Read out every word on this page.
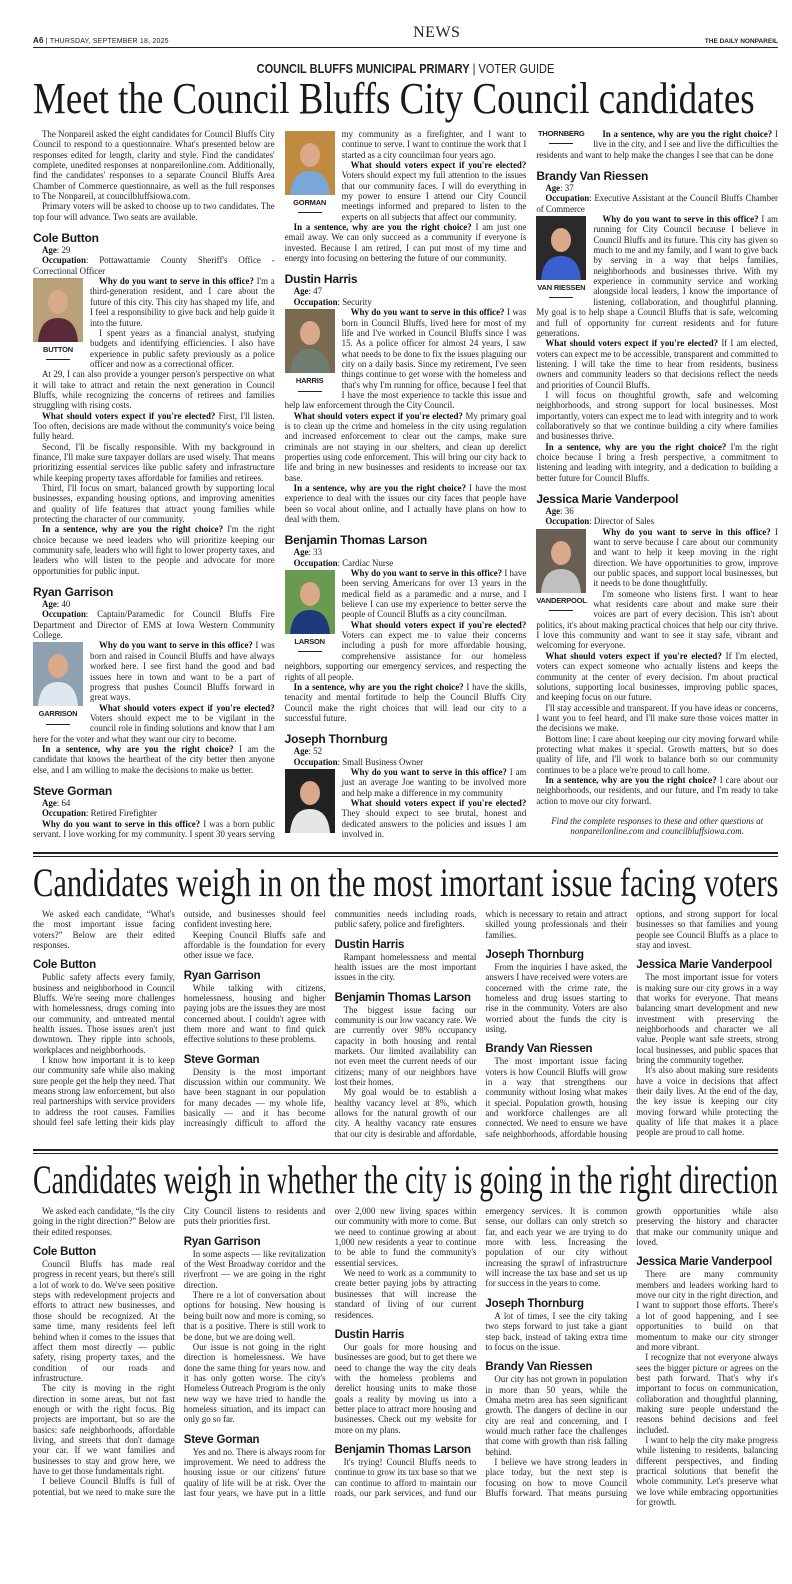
A6 | THURSDAY, SEPTEMBER 18, 2025
NEWS
THE DAILY NONPAREIL
COUNCIL BLUFFS MUNICIPAL PRIMARY | VOTER GUIDE
Meet the Council Bluffs City Council candidates

The Nonpareil asked the eight candidates for Council Bluffs City Council to respond to a questionnaire. What's presented below are responses edited for length, clarity and style. Find the candidates' complete, unedited responses at nonpareilonline.com. Additionally, find the candidates' responses to a separate Council Bluffs Area Chamber of Commerce questionnaire, as well as the full responses to The Nonpareil, at councilbluffsiowa.com.

Primary voters will be asked to choose up to two candidates. The top four will advance. Two seats are available.

Cole Button
Age: 29
Occupation: Pottawattamie County Sheriff's Office - Correctional Officer
BUTTON

Why do you want to serve in this office? I'm a third-generation resident, and I care about the future of this city. This city has shaped my life, and I feel a responsibility to give back and help guide it into the future.

I spent years as a financial analyst, studying budgets and identifying efficiencies. I also have experience in public safety previously as a police officer and now as a correctional officer.

At 29, I can also provide a younger person's perspective on what it will take to attract and retain the next generation in Council Bluffs, while recognizing the concerns of retirees and families struggling with rising costs.

What should voters expect if you're elected? First, I'll listen. Too often, decisions are made without the community's voice being fully heard.

Second, I'll be fiscally responsible. With my background in finance, I'll make sure taxpayer dollars are used wisely. That means prioritizing essential services like public safety and infrastructure while keeping property taxes affordable for families and retirees.

Third, I'll focus on smart, balanced growth by supporting local businesses, expanding housing options, and improving amenities and quality of life features that attract young families while protecting the character of our community.

In a sentence, why are you the right choice? I'm the right choice because we need leaders who will prioritize keeping our community safe, leaders who will fight to lower property taxes, and leaders who will listen to the people and advocate for more opportunities for public input.

Ryan Garrison
Age: 40
Occupation: Captain/Paramedic for Council Bluffs Fire Department and Director of EMS at Iowa Western Community College.
GARRISON

Why do you want to serve in this office? I was born and raised in Council Bluffs and have always worked here. I see first hand the good and bad issues here in town and want to be a part of progress that pushes Council Bluffs forward in great ways.

What should voters expect if you're elected? Voters should expect me to be vigilant in the council role in finding solutions and know that I am here for the voter and what they want our city to become.

In a sentence, why are you the right choice? I am the candidate that knows the heartbeat of the city better then anyone else, and I am willing to make the decisions to make us better.

Steve Gorman
Age: 64
Occupation: Retired Firefighter
GORMAN

Why do you want to serve in this office? I was a born public servant. I love working for my community. I spent 30 years serving my community as a firefighter, and I want to continue to serve. I want to continue the work that I started as a city councilman four years ago.

What should voters expect if you're elected? Voters should expect my full attention to the issues that our community faces. I will do everything in my power to ensure I attend our City Council meetings informed and prepared to listen to the experts on all subjects that affect our community.

In a sentence, why are you the right choice? I am just one email away. We can only succeed as a community if everyone is invested. Because I am retired, I can put most of my time and energy into focusing on bettering the future of our community.

Dustin Harris
Age: 47
Occupation: Security
HARRIS

Why do you want to serve in this office? I was born in Council Bluffs, lived here for most of my life and I've worked in Council Bluffs since I was 15. As a police officer for almost 24 years, I saw what needs to be done to fix the issues plaguing our city on a daily basis. Since my retirement, I've seen things continue to get worse with the homeless and that's why I'm running for office, because I feel that I have the most experience to tackle this issue and help law enforcement through the City Council.

What should voters expect if you're elected? My primary goal is to clean up the crime and homeless in the city using regulation and increased enforcement to clear out the camps, make sure criminals are not staying in our shelters, and clean up derelict properties using code enforcement. This will bring our city back to life and bring in new businesses and residents to increase our tax base.

In a sentence, why are you the right choice? I have the most experience to deal with the issues our city faces that people have been so vocal about online, and I actually have plans on how to deal with them.

Benjamin Thomas Larson
Age: 33
Occupation: Cardiac Nurse
LARSON

Why do you want to serve in this office? I have been serving Americans for over 13 years in the medical field as a paramedic and a nurse, and I believe I can use my experience to better serve the people of Council Bluffs as a city councilman.

What should voters expect if you're elected? Voters can expect me to value their concerns including a push for more affordable housing, comprehensive assistance for our homeless neighbors, supporting our emergency services, and respecting the rights of all people.

In a sentence, why are you the right choice? I have the skills, tenacity and mental fortitude to help the Council Bluffs City Council make the right choices that will lead our city to a successful future.

Joseph Thornburg
Age: 52
Occupation: Small Business Owner
THORNBERG

Why do you want to serve in this office? I am just an average Joe wanting to be involved more and help make a difference in my community

What should voters expect if you're elected? They should expect to see brutal, honest and dedicated answers to the policies and issues I am involved in.

In a sentence, why are you the right choice? I live in the city, and I see and live the difficulties the residents and want to help make the changes I see that can be done

Brandy Van Riessen
Age: 37
Occupation: Executive Assistant at the Council Bluffs Chamber of Commerce
VAN RIESSEN

Why do you want to serve in this office? I am running for City Council because I believe in Council Bluffs and its future. This city has given so much to me and my family, and I want to give back by serving in a way that helps families, neighborhoods and businesses thrive. With my experience in community service and working alongside local leaders, I know the importance of listening, collaboration, and thoughtful planning. My goal is to help shape a Council Bluffs that is safe, welcoming and full of opportunity for current residents and for future generations.

What should voters expect if you're elected? If I am elected, voters can expect me to be accessible, transparent and committed to listening. I will take the time to hear from residents, business owners and community leaders so that decisions reflect the needs and priorities of Council Bluffs.

I will focus on thoughtful growth, safe and welcoming neighborhoods, and strong support for local businesses. Most importantly, voters can expect me to lead with integrity and to work collaboratively so that we continue building a city where families and businesses thrive.

In a sentence, why are you the right choice? I'm the right choice because I bring a fresh perspective, a commitment to listening and leading with integrity, and a dedication to building a better future for Council Bluffs.

Jessica Marie Vanderpool
Age: 36
Occupation: Director of Sales
VANDERPOOL

Why do you want to serve in this office? I want to serve because I care about our community and want to help it keep moving in the right direction. We have opportunities to grow, improve our public spaces, and support local businesses, but it needs to be done thoughtfully.

I'm someone who listens first. I want to hear what residents care about and make sure their voices are part of every decision. This isn't about politics, it's about making practical choices that help our city thrive. I love this community and want to see it stay safe, vibrant and welcoming for everyone.

What should voters expect if you're elected? If I'm elected, voters can expect someone who actually listens and keeps the community at the center of every decision. I'm about practical solutions, supporting local businesses, improving public spaces, and keeping focus on our future.

I'll stay accessible and transparent. If you have ideas or concerns, I want you to feel heard, and I'll make sure those voices matter in the decisions we make.

Bottom line: I care about keeping our city moving forward while protecting what makes it special. Growth matters, but so does quality of life, and I'll work to balance both so our community continues to be a place we're proud to call home.

In a sentence, why are you the right choice? I care about our neighborhoods, our residents, and our future, and I'm ready to take action to move our city forward.

Find the complete responses to these and other questions at nonpareilonline.com and councilbluffsiowa.com.

Candidates weigh in on the most imortant issue facing voters

We asked each candidate, “What's the most important issue facing voters?” Below are their edited responses.

Cole Button

Public safety affects every family, business and neighborhood in Council Bluffs. We're seeing more challenges with homelessness, drugs coming into our community, and untreated mental health issues. Those issues aren't just downtown. They ripple into schools, workplaces and neighborhoods.

I know how important it is to keep our community safe while also making sure people get the help they need. That means strong law enforcement, but also real partnerships with service providers to address the root causes. Families should feel safe letting their kids play outside, and businesses should feel confident investing here.

Keeping Council Bluffs safe and affordable is the foundation for every other issue we face.

Ryan Garrison

While talking with citizens, homelessness, housing and higher paying jobs are the issues they are most concerned about. I couldn't agree with them more and want to find quick effective solutions to these problems.

Steve Gorman

Density is the most important discussion within our community. We have been stagnant in our population for many decades — my whole life, basically — and it has become increasingly difficult to afford the communities needs including roads, public safety, police and firefighters.

Dustin Harris

Rampant homelessness and mental health issues are the most important issues in the city.

Benjamin Thomas Larson

The biggest issue facing our community is our low vacancy rate. We are currently over 98% occupancy capacity in both housing and rental markets. Our limited availability can not even meet the current needs of our citizens; many of our neighbors have lost their homes.

My goal would be to establish a healthy vacancy level at 8%, which allows for the natural growth of our city. A healthy vacancy rate ensures that our city is desirable and affordable, which is necessary to retain and attract skilled young professionals and their families.

Joseph Thornburg

From the inquiries I have asked, the answers I have received were voters are concerned with the crime rate, the homeless and drug issues starting to rise in the community. Voters are also worried about the funds the city is using.

Brandy Van Riessen

The most important issue facing voters is how Council Bluffs will grow in a way that strengthens our community without losing what makes it special. Population growth, housing and workforce challenges are all connected. We need to ensure we have safe neighborhoods, affordable housing options, and strong support for local businesses so that families and young people see Council Bluffs as a place to stay and invest.

Jessica Marie Vanderpool

The most important issue for voters is making sure our city grows in a way that works for everyone. That means balancing smart development and new investment with preserving the neighborhoods and character we all value. People want safe streets, strong local businesses, and public spaces that bring the community together.

It's also about making sure residents have a voice in decisions that affect their daily lives. At the end of the day, the key issue is keeping our city moving forward while protecting the quality of life that makes it a place people are proud to call home.

Candidates weigh in whether the city is going in the right direction

We asked each candidate, “Is the city going in the right direction?” Below are their edited responses.

Cole Button

Council Bluffs has made real progress in recent years, but there's still a lot of work to do. We've seen positive steps with redevelopment projects and efforts to attract new businesses, and those should be recognized. At the same time, many residents feel left behind when it comes to the issues that affect them most directly — public safety, rising property taxes, and the condition of our roads and infrastructure.

The city is moving in the right direction in some areas, but not fast enough or with the right focus. Big projects are important, but so are the basics: safe neighborhoods, affordable living, and streets that don't damage your car. If we want families and businesses to stay and grow here, we have to get those fundamentals right.

I believe Council Bluffs is full of potential, but we need to make sure the City Council listens to residents and puts their priorities first.

Ryan Garrison

In some aspects — like revitalization of the West Broadway corridor and the riverfront — we are going in the right direction.

There re a lot of conversation about options for housing. New housing is being built now and more is coming, so that is a positive. There is still work to be done, but we are doing well.

Our issue is not going in the right direction is homelessness. We have done the same thing for years now. and it has only gotten worse. The city's Homeless Outreach Program is the only new way we have tried to handle the homeless situation, and its impact can only go so far.

Steve Gorman

Yes and no. There is always room for improvement. We need to address the housing issue or our citizens' future quality of life will be at risk. Over the last four years, we have put in a little over 2,000 new living spaces within our community with more to come. But we need to continue growing at about 1,000 new residents a year to continue to be able to fund the community's essential services.

We need to work as a community to create better paying jobs by attracting businesses that will increase the standard of living of our current residences.

Dustin Harris

Our goals for more housing and businesses are good, but to get there we need to change the way the city deals with the homeless problems and derelict housing units to make those goals a reality by moving us into a better place to attract more housing and businesses. Check out my website for more on my plans.

Benjamin Thomas Larson

It's trying! Council Bluffs needs to continue to grow its tax base so that we can continue to afford to maintain our roads, our park services, and fund our emergency services. It is common sense, our dollars can only stretch so far, and each year we are trying to do more with less. Increasing the population of our city without increasing the sprawl of infrastructure will increase the tax base and set us up for success in the years to come.

Joseph Thornburg

A lot of times, I see the city taking two steps forward to just take a giant step back, instead of taking extra time to focus on the issue.

Brandy Van Riessen

Our city has not grown in population in more than 50 years, while the Omaha metro area has seen significant growth. The dangers of decline in our city are real and concerning, and I would much rather face the challenges that come with growth than risk falling behind.

I believe we have strong leaders in place today, but the next step is focusing on how to move Council Bluffs forward. That means pursuing growth opportunities while also preserving the history and character that make our community unique and loved.

Jessica Marie Vanderpool

There are many community members and leaders working hard to move our city in the right direction, and I want to support those efforts. There's a lot of good happening, and I see opportunities to build on that momentum to make our city stronger and more vibrant.

I recognize that not everyone always sees the bigger picture or agrees on the best path forward. That's why it's important to focus on communication, collaboration and thoughtful planning, making sure people understand the reasons behind decisions and feel included.

I want to help the city make progress while listening to residents, balancing different perspectives, and finding practical solutions that benefit the whole community. Let's preserve what we love while embracing opportunities for growth.
